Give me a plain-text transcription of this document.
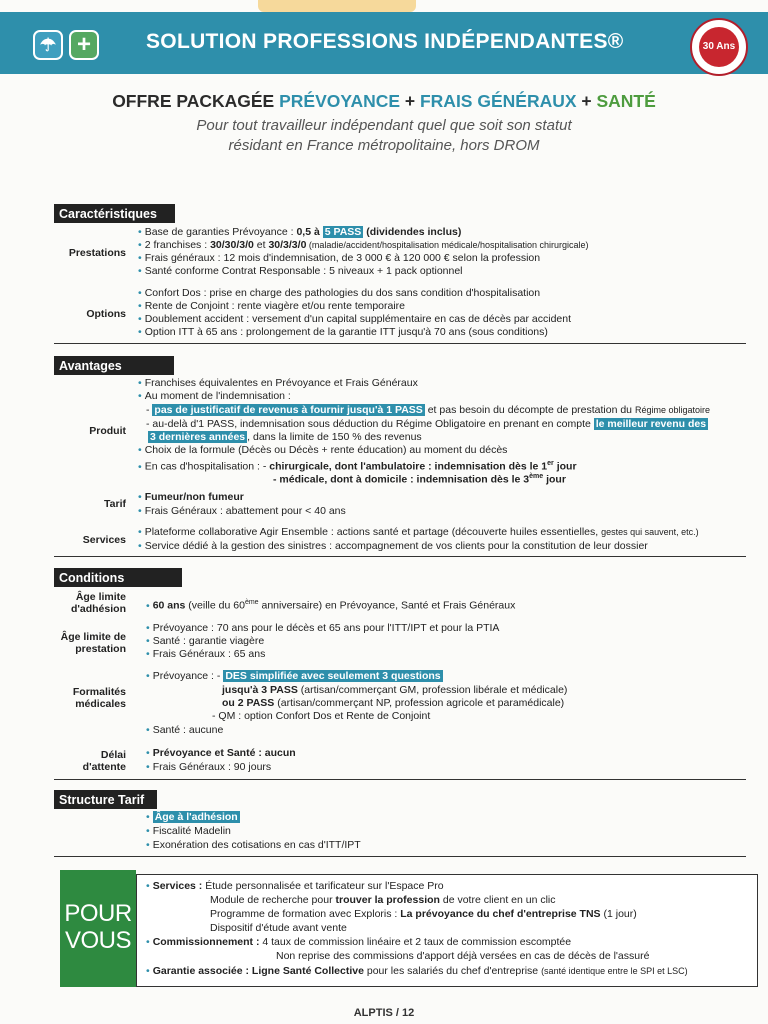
☂ +	SOLUTION PROFESSIONS INDÉPENDANTES®	30 Ans
OFFRE PACKAGÉE PRÉVOYANCE + FRAIS GÉNÉRAUX + SANTÉ
Pour tout travailleur indépendant quel que soit son statut
résidant en France métropolitaine, hors DROM
Caractéristiques
Prestations
• Base de garanties Prévoyance : 0,5 à 5 PASS (dividendes inclus)
• 2 franchises : 30/30/3/0 et 30/3/3/0 (maladie/accident/hospitalisation médicale/hospitalisation chirurgicale)
• Frais généraux : 12 mois d'indemnisation, de 3 000 € à 120 000 € selon la profession
• Santé conforme Contrat Responsable : 5 niveaux + 1 pack optionnel
Options
• Confort Dos : prise en charge des pathologies du dos sans condition d'hospitalisation
• Rente de Conjoint : rente viagère et/ou rente temporaire
• Doublement accident : versement d'un capital supplémentaire en cas de décès par accident
• Option ITT à 65 ans : prolongement de la garantie ITT jusqu'à 70 ans (sous conditions)
Avantages
Produit
• Franchises équivalentes en Prévoyance et Frais Généraux
• Au moment de l'indemnisation :
- pas de justificatif de revenus à fournir jusqu'à 1 PASS et pas besoin du décompte de prestation du Régime obligatoire
- au-delà d'1 PASS, indemnisation sous déduction du Régime Obligatoire en prenant en compte le meilleur revenu des
3 dernières années , dans la limite de 150 % des revenus
• Choix de la formule (Décès ou Décès + rente éducation) au moment du décès
• En cas d'hospitalisation : - chirurgicale, dont l'ambulatoire : indemnisation dès le 1er jour
- médicale, dont à domicile : indemnisation dès le 3ème jour
Tarif
• Fumeur/non fumeur
• Frais Généraux : abattement pour < 40 ans
Services
• Plateforme collaborative Agir Ensemble : actions santé et partage (découverte huiles essentielles, gestes qui sauvent, etc.)
• Service dédié à la gestion des sinistres : accompagnement de vos clients pour la constitution de leur dossier
Conditions
Âge limite
d'adhésion
•	60 ans (veille du 60ème anniversaire) en Prévoyance, Santé et Frais Généraux
Âge limite de
prestation
• Prévoyance : 70 ans pour le décès et 65 ans pour l'ITT/IPT et pour la PTIA
• Santé : garantie viagère
• Frais Généraux : 65 ans
Formalités
médicales
• Prévoyance : - DES simplifiée avec seulement 3 questions
jusqu'à 3 PASS (artisan/commerçant GM, profession libérale et médicale)
ou 2 PASS (artisan/commerçant NP, profession agricole et paramédicale)
- QM : option Confort Dos et Rente de Conjoint
• Santé : aucune
Délai
d'attente
• Prévoyance et Santé : aucun
• Frais Généraux : 90 jours
Structure Tarif
• Âge à l'adhésion
• Fiscalité Madelin
• Exonération des cotisations en cas d'ITT/IPT
POUR
VOUS
• Services : Étude personnalisée et tarificateur sur l'Espace Pro
Module de recherche pour trouver la profession de votre client en un clic
Programme de formation avec Exploris : La prévoyance du chef d'entreprise TNS (1 jour)
Dispositif d'étude avant vente
• Commissionnement : 4 taux de commission linéaire et 2 taux de commission escomptée
Non reprise des commissions d'apport déjà versées en cas de décès de l'assuré
• Garantie associée : Ligne Santé Collective pour les salariés du chef d'entreprise (santé identique entre le SPI et LSC)
ALPTIS / 12
